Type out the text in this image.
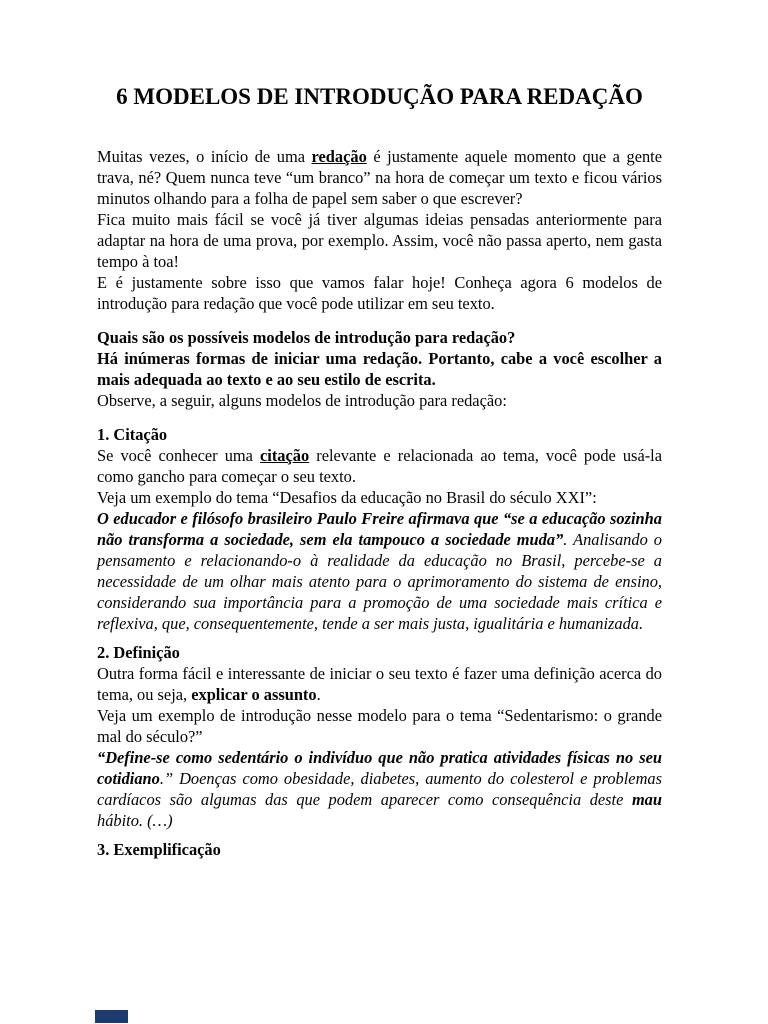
6 MODELOS DE INTRODUÇÃO PARA REDAÇÃO

Muitas vezes, o início de uma redação é justamente aquele momento que a gente trava, né? Quem nunca teve “um branco” na hora de começar um texto e ficou vários minutos olhando para a folha de papel sem saber o que escrever?

Fica muito mais fácil se você já tiver algumas ideias pensadas anteriormente para adaptar na hora de uma prova, por exemplo. Assim, você não passa aperto, nem gasta tempo à toa!

E é justamente sobre isso que vamos falar hoje! Conheça agora 6 modelos de introdução para redação que você pode utilizar em seu texto.

Quais são os possíveis modelos de introdução para redação?

Há inúmeras formas de iniciar uma redação. Portanto, cabe a você escolher a mais adequada ao texto e ao seu estilo de escrita.

Observe, a seguir, alguns modelos de introdução para redação:

1. Citação

Se você conhecer uma citação relevante e relacionada ao tema, você pode usá-la como gancho para começar o seu texto.

Veja um exemplo do tema “Desafios da educação no Brasil do século XXI”:

O educador e filósofo brasileiro Paulo Freire afirmava que “se a educação sozinha não transforma a sociedade, sem ela tampouco a sociedade muda”. Analisando o pensamento e relacionando-o à realidade da educação no Brasil, percebe-se a necessidade de um olhar mais atento para o aprimoramento do sistema de ensino, considerando sua importância para a promoção de uma sociedade mais crítica e reflexiva, que, consequentemente, tende a ser mais justa, igualitária e humanizada.

2. Definição

Outra forma fácil e interessante de iniciar o seu texto é fazer uma definição acerca do tema, ou seja, explicar o assunto.

Veja um exemplo de introdução nesse modelo para o tema “Sedentarismo: o grande mal do século?”

“Define-se como sedentário o indivíduo que não pratica atividades físicas no seu cotidiano.” Doenças como obesidade, diabetes, aumento do colesterol e problemas cardíacos são algumas das que podem aparecer como consequência deste mau hábito. (…)

3. Exemplificação
